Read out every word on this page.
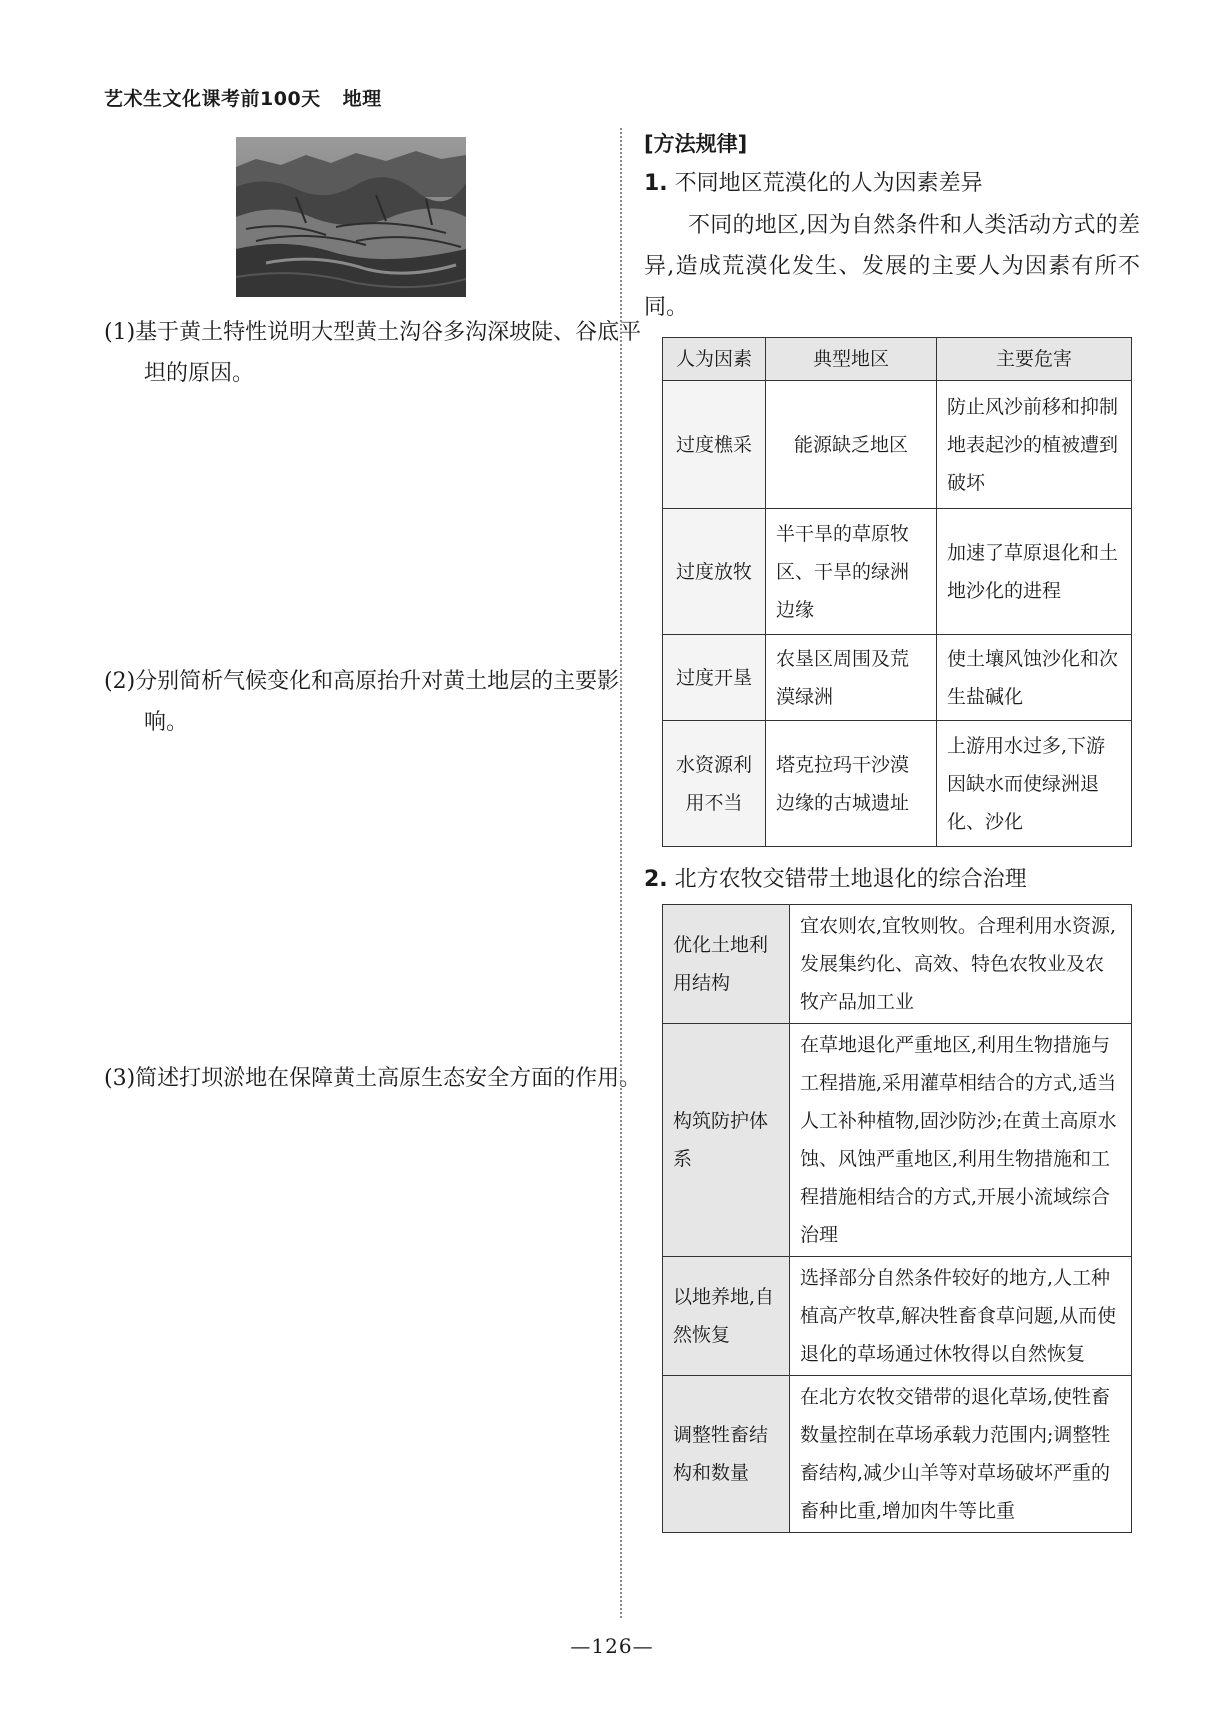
艺术生文化课考前100天 地理
(1)基于黄土特性说明大型黄土沟谷多沟深坡陡、谷底平坦的原因。
(2)分别简析气候变化和高原抬升对黄土地层的主要影响。
(3)简述打坝淤地在保障黄土高原生态安全方面的作用。
[方法规律]
1. 不同地区荒漠化的人为因素差异
不同的地区,因为自然条件和人类活动方式的差异,造成荒漠化发生、发展的主要人为因素有所不同。
人为因素	典型地区	主要危害
过度樵采	能源缺乏地区	防止风沙前移和抑制地表起沙的植被遭到破坏
过度放牧	半干旱的草原牧区、干旱的绿洲边缘	加速了草原退化和土地沙化的进程
过度开垦	农垦区周围及荒漠绿洲	使土壤风蚀沙化和次生盐碱化
水资源利用不当	塔克拉玛干沙漠边缘的古城遗址	上游用水过多,下游因缺水而使绿洲退化、沙化
2. 北方农牧交错带土地退化的综合治理
优化土地利用结构	宜农则农,宜牧则牧。合理利用水资源,发展集约化、高效、特色农牧业及农牧产品加工业
构筑防护体系	在草地退化严重地区,利用生物措施与工程措施,采用灌草相结合的方式,适当人工补种植物,固沙防沙;在黄土高原水蚀、风蚀严重地区,利用生物措施和工程措施相结合的方式,开展小流域综合治理
以地养地,自然恢复	选择部分自然条件较好的地方,人工种植高产牧草,解决牲畜食草问题,从而使退化的草场通过休牧得以自然恢复
调整牲畜结构和数量	在北方农牧交错带的退化草场,使牲畜数量控制在草场承载力范围内;调整牲畜结构,减少山羊等对草场破坏严重的畜种比重,增加肉牛等比重
—126—
